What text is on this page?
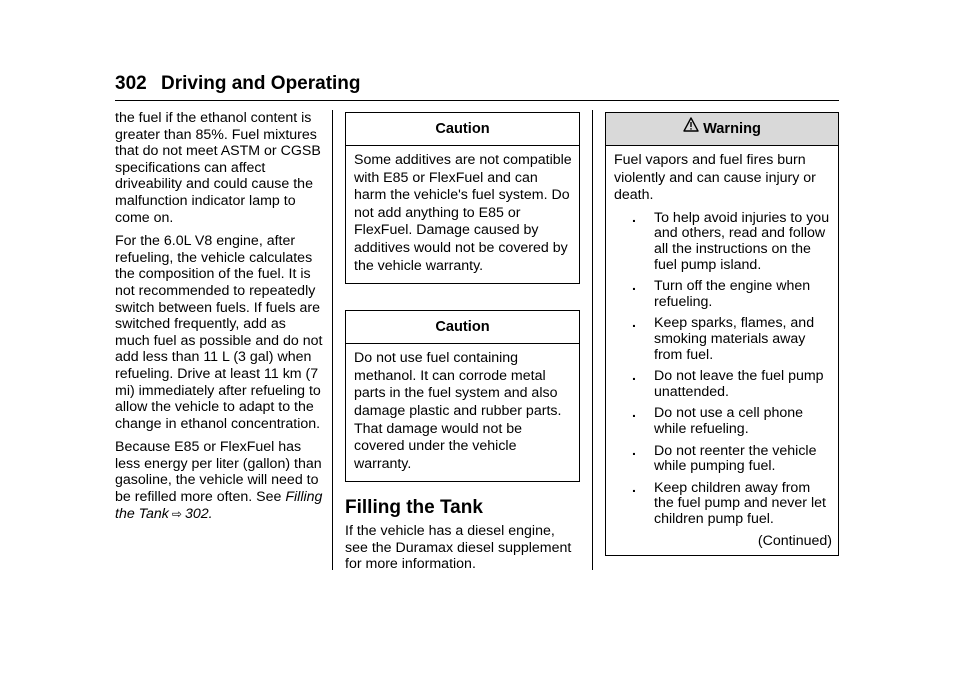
302 Driving and Operating

the fuel if the ethanol content is greater than 85%. Fuel mixtures that do not meet ASTM or CGSB specifications can affect driveability and could cause the malfunction indicator lamp to come on.

For the 6.0L V8 engine, after refueling, the vehicle calculates the composition of the fuel. It is not recommended to repeatedly switch between fuels. If fuels are switched frequently, add as much fuel as possible and do not add less than 11 L (3 gal) when refueling. Drive at least 11 km (7 mi) immediately after refueling to allow the vehicle to adapt to the change in ethanol concentration.

Because E85 or FlexFuel has less energy per liter (gallon) than gasoline, the vehicle will need to be refilled more often. See Filling the Tank ⇨ 302.

Caution
Some additives are not compatible with E85 or FlexFuel and can harm the vehicle's fuel system. Do not add anything to E85 or FlexFuel. Damage caused by additives would not be covered by the vehicle warranty.
Caution
Do not use fuel containing methanol. It can corrode metal parts in the fuel system and also damage plastic and rubber parts. That damage would not be covered under the vehicle warranty.
Filling the Tank

If the vehicle has a diesel engine, see the Duramax diesel supplement for more information.

Warning
Fuel vapors and fuel fires burn violently and can cause injury or death.
. To help avoid injuries to you and others, read and follow all the instructions on the fuel pump island.
. Turn off the engine when refueling.
. Keep sparks, flames, and smoking materials away from fuel.
. Do not leave the fuel pump unattended.
. Do not use a cell phone while refueling.
. Do not reenter the vehicle while pumping fuel.
. Keep children away from the fuel pump and never let children pump fuel.
(Continued)
